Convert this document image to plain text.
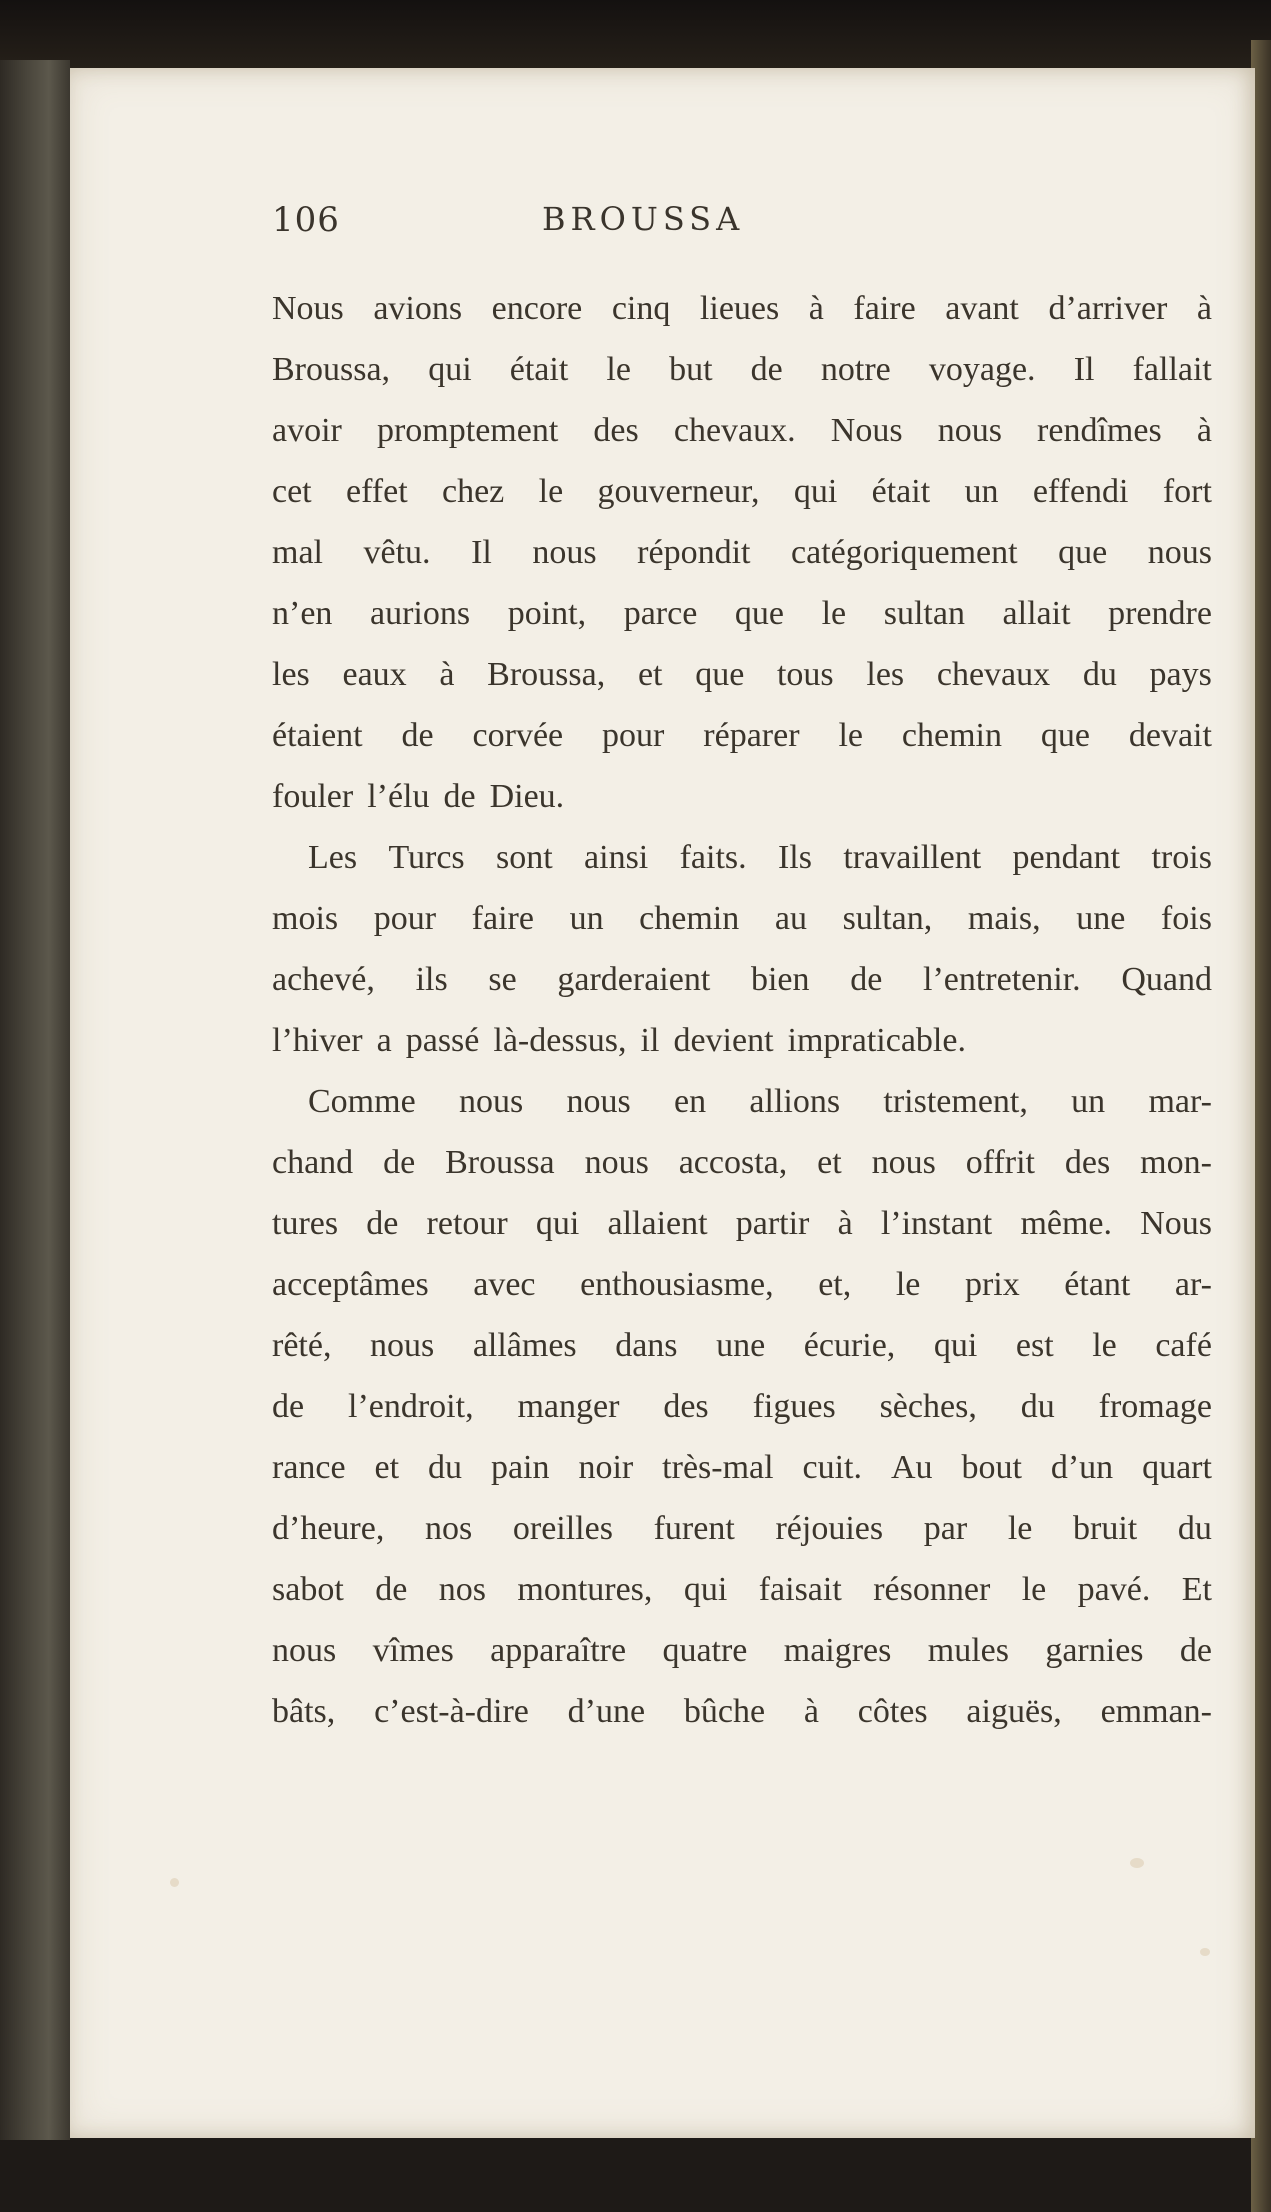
106	BROUSSA
Nous avions encore cinq lieues à faire avant d’arriver à
Broussa, qui était le but de notre voyage. Il fallait
avoir promptement des chevaux. Nous nous rendîmes à
cet effet chez le gouverneur, qui était un effendi fort
mal vêtu. Il nous répondit catégoriquement que nous
n’en aurions point, parce que le sultan allait prendre
les eaux à Broussa, et que tous les chevaux du pays
étaient de corvée pour réparer le chemin que devait
fouler l’élu de Dieu.
Les Turcs sont ainsi faits. Ils travaillent pendant trois
mois pour faire un chemin au sultan, mais, une fois
achevé, ils se garderaient bien de l’entretenir. Quand
l’hiver a passé là-dessus, il devient impraticable.
Comme nous nous en allions tristement, un mar-
chand de Broussa nous accosta, et nous offrit des mon-
tures de retour qui allaient partir à l’instant même. Nous
acceptâmes avec enthousiasme, et, le prix étant ar-
rêté, nous allâmes dans une écurie, qui est le café
de l’endroit, manger des figues sèches, du fromage
rance et du pain noir très-mal cuit. Au bout d’un quart
d’heure, nos oreilles furent réjouies par le bruit du
sabot de nos montures, qui faisait résonner le pavé. Et
nous vîmes apparaître quatre maigres mules garnies de
bâts, c’est-à-dire d’une bûche à côtes aiguës, emman-
